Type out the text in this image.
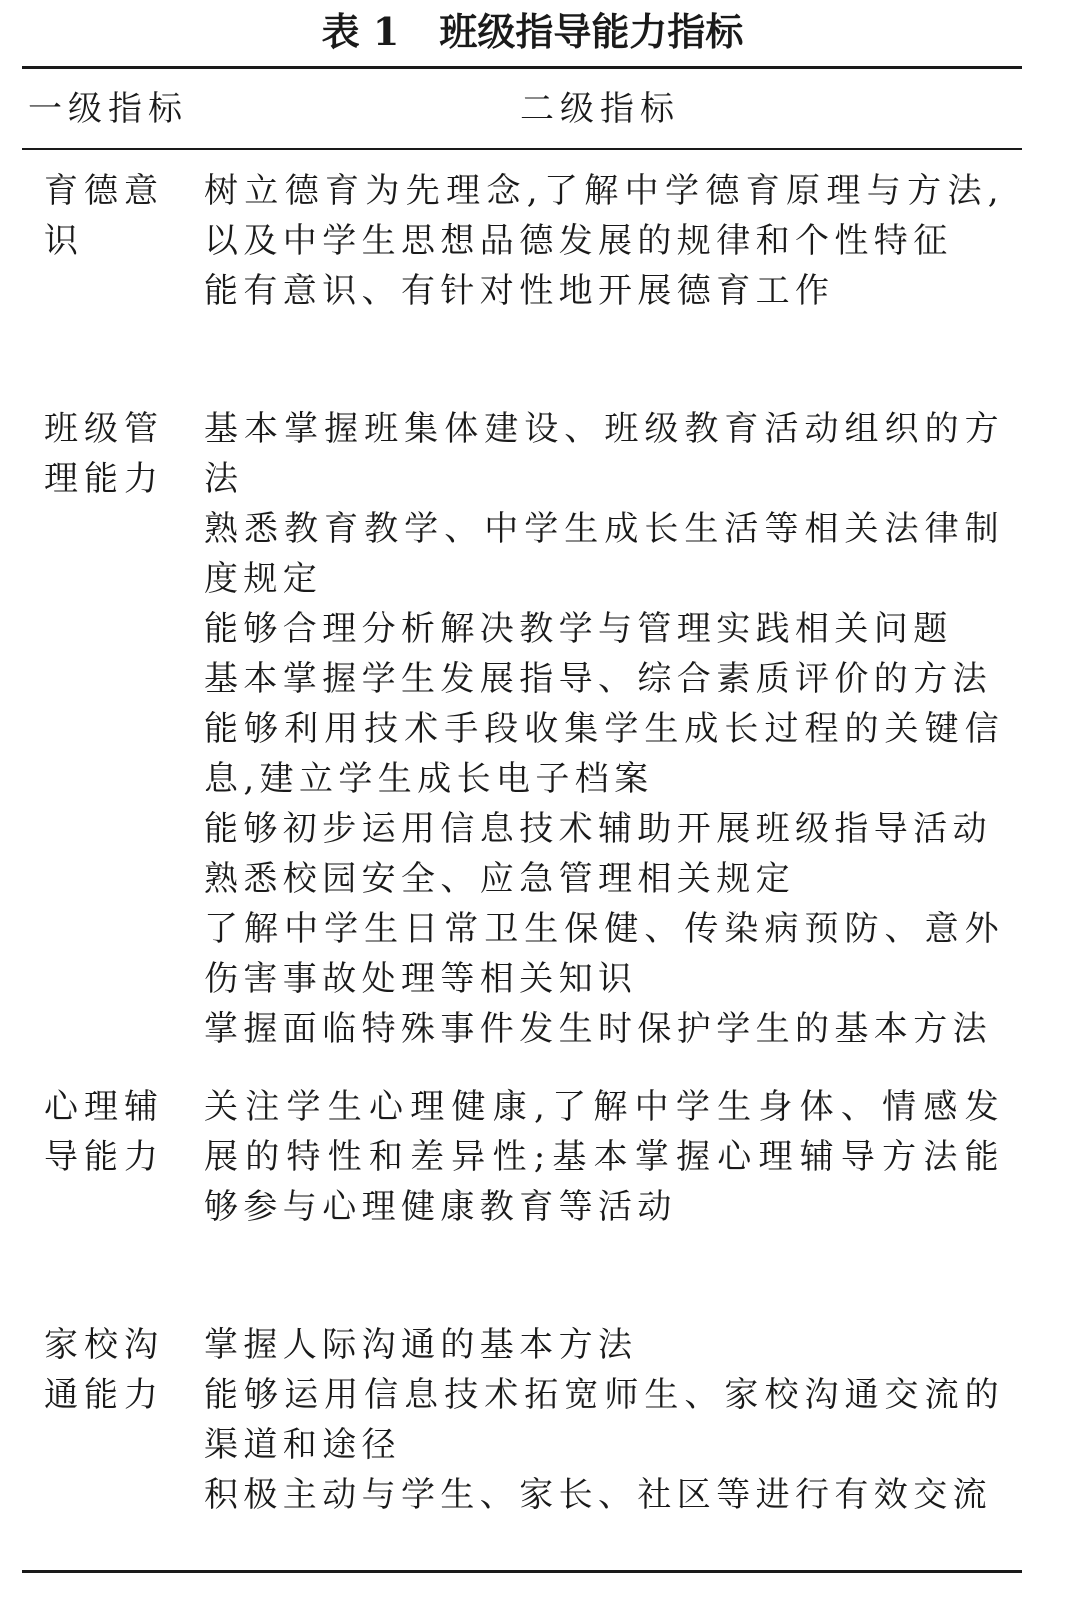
表 1 班级指导能力指标
一级指标	二级指标
育德意识

树立德育为先理念,了解中学德育原理与方法,以及中学生思想品德发展的规律和个性特征

能有意识、有针对性地开展德育工作

班级管理能力

基本掌握班集体建设、班级教育活动组织的方法

熟悉教育教学、中学生成长生活等相关法律制度规定

能够合理分析解决教学与管理实践相关问题

基本掌握学生发展指导、综合素质评价的方法

能够利用技术手段收集学生成长过程的关键信息,建立学生成长电子档案

能够初步运用信息技术辅助开展班级指导活动

熟悉校园安全、应急管理相关规定

了解中学生日常卫生保健、传染病预防、意外伤害事故处理等相关知识

掌握面临特殊事件发生时保护学生的基本方法

心理辅导能力

关注学生心理健康,了解中学生身体、情感发展的特性和差异性;基本掌握心理辅导方法能够参与心理健康教育等活动

家校沟通能力

掌握人际沟通的基本方法

能够运用信息技术拓宽师生、家校沟通交流的渠道和途径

积极主动与学生、家长、社区等进行有效交流
